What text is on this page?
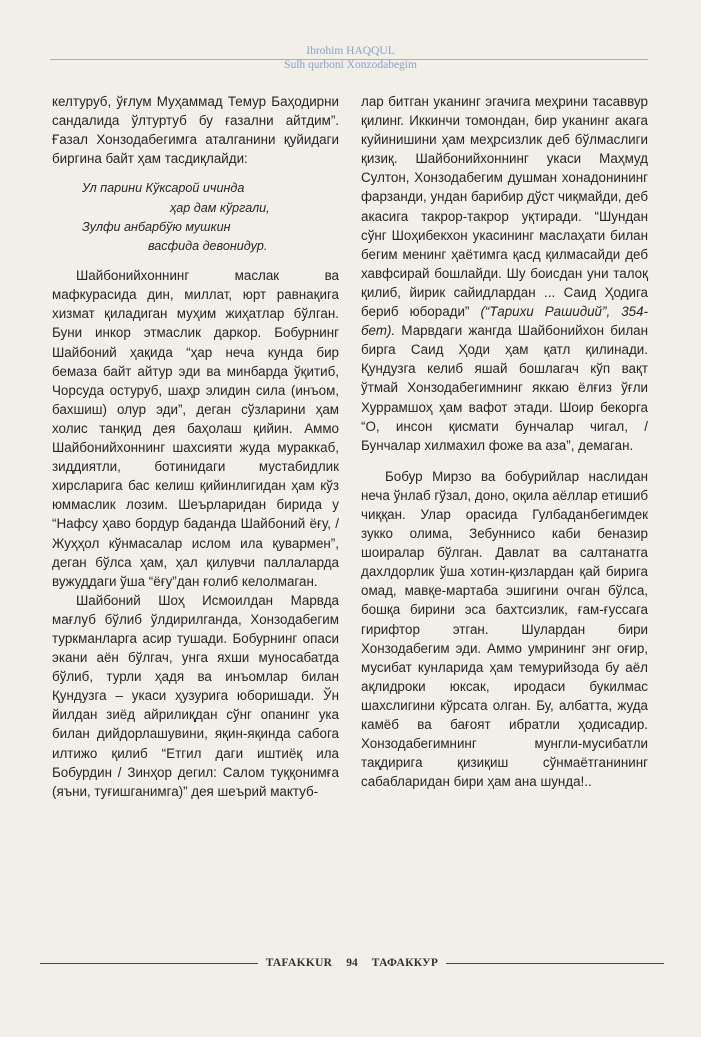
Ibrohim HAQQUL
Sulh qurboni Xonzodabegim

келтуруб, ўғлум Муҳаммад Темур Баҳодирни сандалида ўлтуртуб бу ғазални айтдим”. Ғазал Хонзодабегимга аталганини қуйидаги биргина байт ҳам тасдиқлайди:

Ул парини Кўксарой ичинда
ҳар дам кўргали,
Зулфи анбарбўю мушкин
васфида девонидур.

Шайбонийхоннинг маслак ва мафкурасида дин, миллат, юрт равнақига хизмат қиладиган муҳим жиҳатлар бўлган. Буни инкор этмаслик даркор. Бобурнинг Шайбоний ҳақида “ҳар неча кунда бир бемаза байт айтур эди ва минбарда ўқитиб, Чорсуда остуруб, шаҳр элидин сила (инъом, бахшиш) олур эди”, деган сўзларини ҳам холис танқид дея баҳолаш қийин. Аммо Шайбонийхоннинг шахсияти жуда мураккаб, зиддиятли, ботинидаги мустабидлик хирсларига бас келиш қийинлигидан ҳам кўз юммаслик лозим. Шеърларидан бирида у “Нафсу ҳаво бордур баданда Шайбоний ёғу, / Жуҳҳол кўнмасалар ислом ила қувармен”, деган бўлса ҳам, ҳал қилувчи паллаларда вужуддаги ўша “ёғу”дан ғолиб келолмаган.

Шайбоний Шоҳ Исмоилдан Марвда мағлуб бўлиб ўлдирилганда, Хонзодабегим туркманларга асир тушади. Бобурнинг опаси экани аён бўлгач, унга яхши муносабатда бўлиб, турли ҳадя ва инъомлар билан Қундузга – укаси ҳузурига юборишади. Ўн йилдан зиёд айрилиқдан сўнг опанинг ука билан дийдорлашувини, яқин-яқинда сабога илтижо қилиб “Етгил даги иштиёқ ила Бобурдин / Зинҳор дегил: Салом туққонимға (яъни, туғишганимга)” дея шеърий мактуб-

лар битган уканинг эгачига меҳрини тасаввур қилинг. Иккинчи томондан, бир уканинг акага куйинишини ҳам меҳрсизлик деб бўлмаслиги қизиқ. Шайбонийхоннинг укаси Маҳмуд Султон, Хонзодабегим душман хонадонининг фарзанди, ундан барибир дўст чиқмайди, деб акасига такрор-такрор уқтиради. “Шундан сўнг Шоҳибекхон укасининг маслаҳати билан бегим менинг ҳаётимга қасд қилмасайди деб хавфсирай бошлайди. Шу боисдан уни талоқ қилиб, йирик сайидлардан ... Саид Ҳодига бериб юборади” (“Тарихи Рашидий”, 354-бет). Марвдаги жангда Шайбонийхон билан бирга Саид Ҳоди ҳам қатл қилинади. Қундузга келиб яшай бошлагач кўп вақт ўтмай Хонзодабегимнинг яккаю ёлғиз ўғли Хуррамшоҳ ҳам вафот этади. Шоир бекорга “О, инсон қисмати бунчалар чигал, / Бунчалар хилмахил фоже ва аза”, демаган.

Бобур Мирзо ва бобурийлар наслидан неча ўнлаб гўзал, доно, оқила аёллар етишиб чиққан. Улар орасида Гулбаданбегимдек зукко олима, Зебуннисо каби беназир шоиралар бўлган. Давлат ва салтанатга дахлдорлик ўша хотин-қизлардан қай бирига омад, мавқе-мартаба эшигини очган бўлса, бошқа бирини эса бахтсизлик, ғам-ғуссага гирифтор этган. Шулардан бири Хонзодабегим эди. Аммо умрининг энг оғир, мусибат кунларида ҳам темурийзода бу аёл ақлидроки юксак, иродаси букилмас шахслигини кўрсата олган. Бу, албатта, жуда камёб ва бағоят ибратли ҳодисадир. Хонзодабегимнинг мунгли-мусибатли тақдирига қизиқиш сўнмаётганининг сабабларидан бири ҳам ана шунда!..

TAFAKKUR	94	ТАФАККУР
